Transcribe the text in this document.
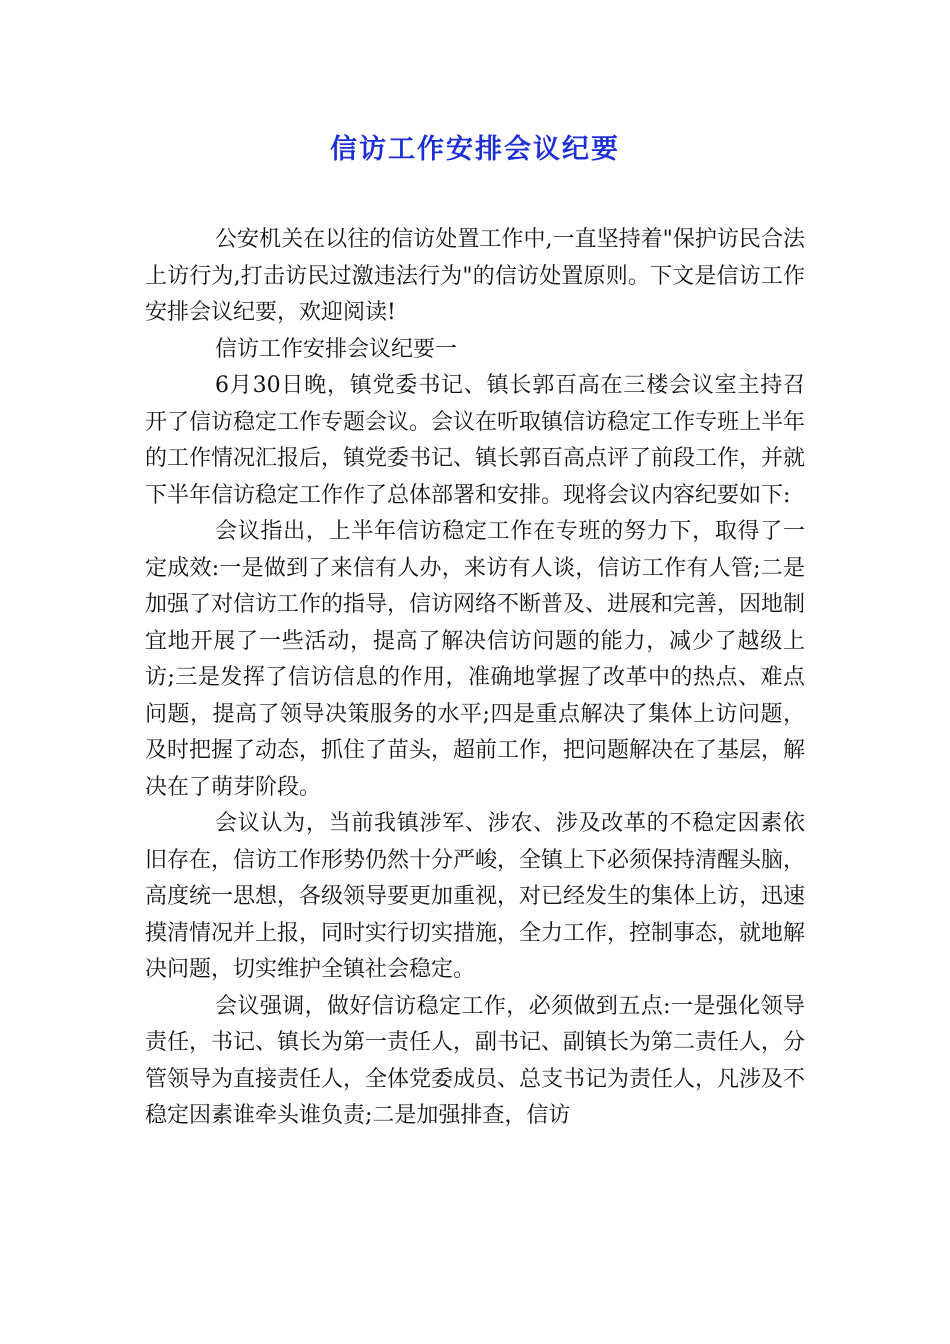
信访工作安排会议纪要

公安机关在以往的信访处置工作中,一直坚持着"保护访民合法上访行为,打击访民过激违法行为"的信访处置原则。下文是信访工作安排会议纪要，欢迎阅读!

信访工作安排会议纪要一

6月30日晚，镇党委书记、镇长郭百高在三楼会议室主持召开了信访稳定工作专题会议。会议在听取镇信访稳定工作专班上半年的工作情况汇报后，镇党委书记、镇长郭百高点评了前段工作，并就下半年信访稳定工作作了总体部署和安排。现将会议内容纪要如下:

会议指出，上半年信访稳定工作在专班的努力下，取得了一定成效:一是做到了来信有人办，来访有人谈，信访工作有人管;二是加强了对信访工作的指导，信访网络不断普及、进展和完善，因地制宜地开展了一些活动，提高了解决信访问题的能力，减少了越级上访;三是发挥了信访信息的作用，准确地掌握了改革中的热点、难点问题，提高了领导决策服务的水平;四是重点解决了集体上访问题，及时把握了动态，抓住了苗头，超前工作，把问题解决在了基层，解决在了萌芽阶段。

会议认为，当前我镇涉军、涉农、涉及改革的不稳定因素依旧存在，信访工作形势仍然十分严峻，全镇上下必须保持清醒头脑，高度统一思想，各级领导要更加重视，对已经发生的集体上访，迅速摸清情况并上报，同时实行切实措施，全力工作，控制事态，就地解决问题，切实维护全镇社会稳定。

会议强调，做好信访稳定工作，必须做到五点:一是强化领导责任，书记、镇长为第一责任人，副书记、副镇长为第二责任人，分管领导为直接责任人，全体党委成员、总支书记为责任人，凡涉及不稳定因素谁牵头谁负责;二是加强排查，信访
